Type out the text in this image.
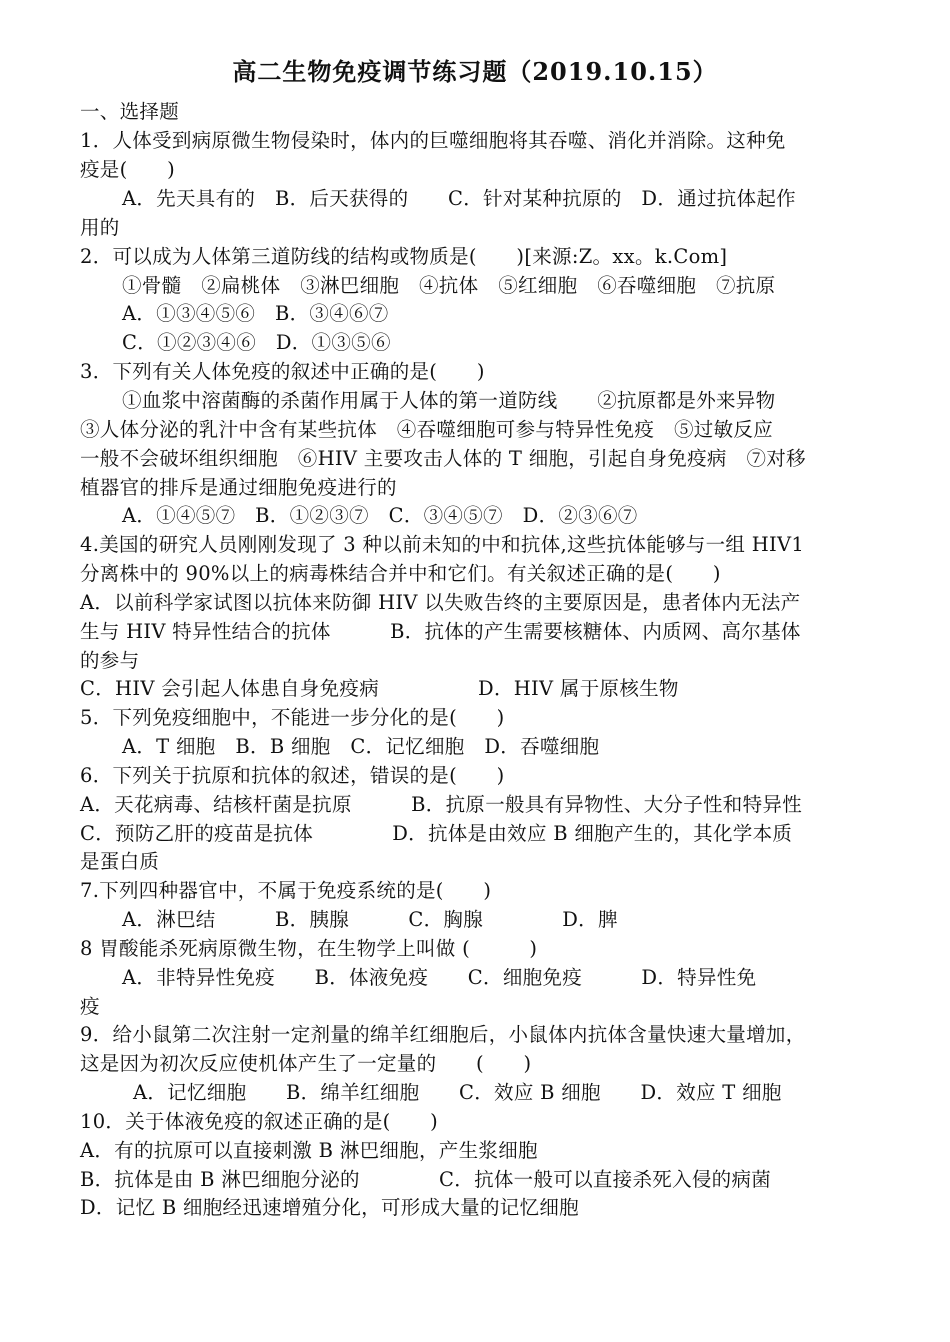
高二生物免疫调节练习题（2019.10.15）
一、选择题
1．人体受到病原微生物侵染时，体内的巨噬细胞将其吞噬、消化并消除。这种免
疫是(　　)
A．先天具有的　B．后天获得的　　C．针对某种抗原的　D．通过抗体起作
用的
2．可以成为人体第三道防线的结构或物质是(　　)[来源:Z。xx。k.Com]
①骨髓　②扁桃体　③淋巴细胞　④抗体　⑤红细胞　⑥吞噬细胞　⑦抗原
A．①③④⑤⑥　B．③④⑥⑦
C．①②③④⑥　D．①③⑤⑥
3．下列有关人体免疫的叙述中正确的是(　　)
①血浆中溶菌酶的杀菌作用属于人体的第一道防线　　②抗原都是外来异物
③人体分泌的乳汁中含有某些抗体　④吞噬细胞可参与特异性免疫　⑤过敏反应
一般不会破坏组织细胞　⑥HIV 主要攻击人体的 T 细胞，引起自身免疫病　⑦对移
植器官的排斥是通过细胞免疫进行的
A．①④⑤⑦　B．①②③⑦　C．③④⑤⑦　D．②③⑥⑦
4.美国的研究人员刚刚发现了 3 种以前未知的中和抗体,这些抗体能够与一组 HIV1
分离株中的 90%以上的病毒株结合并中和它们。有关叙述正确的是(　　)
A．以前科学家试图以抗体来防御 HIV 以失败告终的主要原因是，患者体内无法产
生与 HIV 特异性结合的抗体　　　B．抗体的产生需要核糖体、内质网、高尔基体
的参与
C．HIV 会引起人体患自身免疫病　　　　　D．HIV 属于原核生物
5．下列免疫细胞中，不能进一步分化的是(　　)
A．T 细胞　B．B 细胞　C．记忆细胞　D．吞噬细胞
6．下列关于抗原和抗体的叙述，错误的是(　　)
A．天花病毒、结核杆菌是抗原　　　B．抗原一般具有异物性、大分子性和特异性
C．预防乙肝的疫苗是抗体　　　　D．抗体是由效应 B 细胞产生的，其化学本质
是蛋白质
7.下列四种器官中，不属于免疫系统的是(　　)
A．淋巴结　　　B．胰腺　　　C．胸腺　　　　D．脾
8 胃酸能杀死病原微生物，在生物学上叫做 (　　　)
A．非特异性免疫　　B．体液免疫　　C．细胞免疫　　　D．特异性免
疫
9．给小鼠第二次注射一定剂量的绵羊红细胞后，小鼠体内抗体含量快速大量增加，
这是因为初次反应使机体产生了一定量的　　(　　)
A．记忆细胞　　B．绵羊红细胞　　C．效应 B 细胞　　D．效应 T 细胞
10．关于体液免疫的叙述正确的是(　　)
A．有的抗原可以直接刺激 B 淋巴细胞，产生浆细胞
B．抗体是由 B 淋巴细胞分泌的　　　　C．抗体一般可以直接杀死入侵的病菌
D．记忆 B 细胞经迅速增殖分化，可形成大量的记忆细胞
